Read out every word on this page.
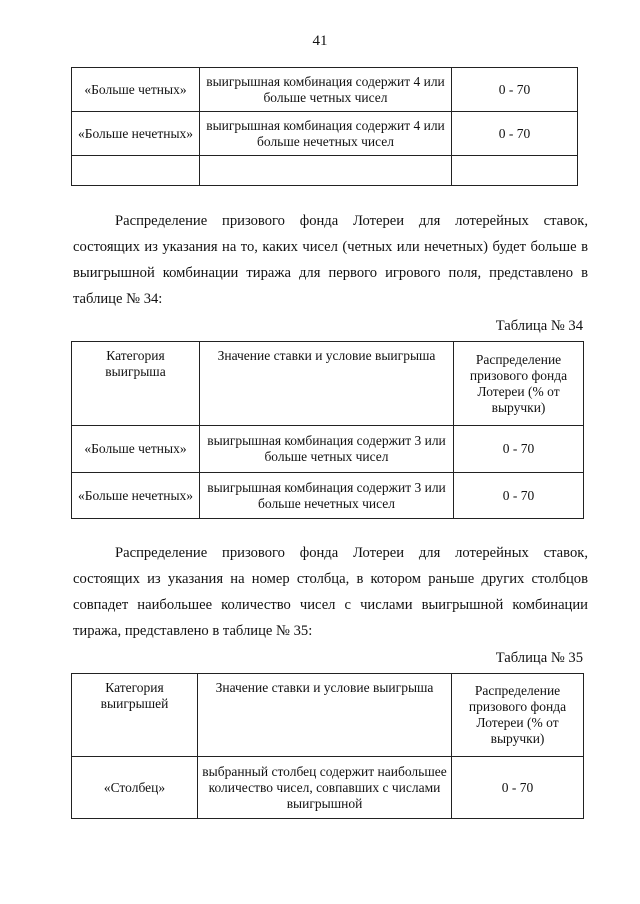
41
«Больше четных»	выигрышная комбинация содержит 4 или больше четных чисел	0 - 70
«Больше нечетных»	выигрышная комбинация содержит 4 или больше нечетных чисел	0 - 70

Распределение призового фонда Лотереи для лотерейных ставок, состоящих из указания на то, каких чисел (четных или нечетных) будет больше в выигрышной комбинации тиража для первого игрового поля, представлено в таблице № 34:

Таблица № 34
Категория выигрыша	Значение ставки и условие выигрыша	Распределение призового фонда Лотереи (% от выручки)
«Больше четных»	выигрышная комбинация содержит 3 или больше четных чисел	0 - 70
«Больше нечетных»	выигрышная комбинация содержит 3 или больше нечетных чисел	0 - 70

Распределение призового фонда Лотереи для лотерейных ставок, состоящих из указания на номер столбца, в котором раньше других столбцов совпадет наибольшее количество чисел с числами выигрышной комбинации тиража, представлено в таблице № 35:

Таблица № 35
Категория выигрышей	Значение ставки и условие выигрыша	Распределение призового фонда Лотереи (% от выручки)
«Столбец»	выбранный столбец содержит наибольшее количество чисел, совпавших с числами выигрышной	0 - 70
